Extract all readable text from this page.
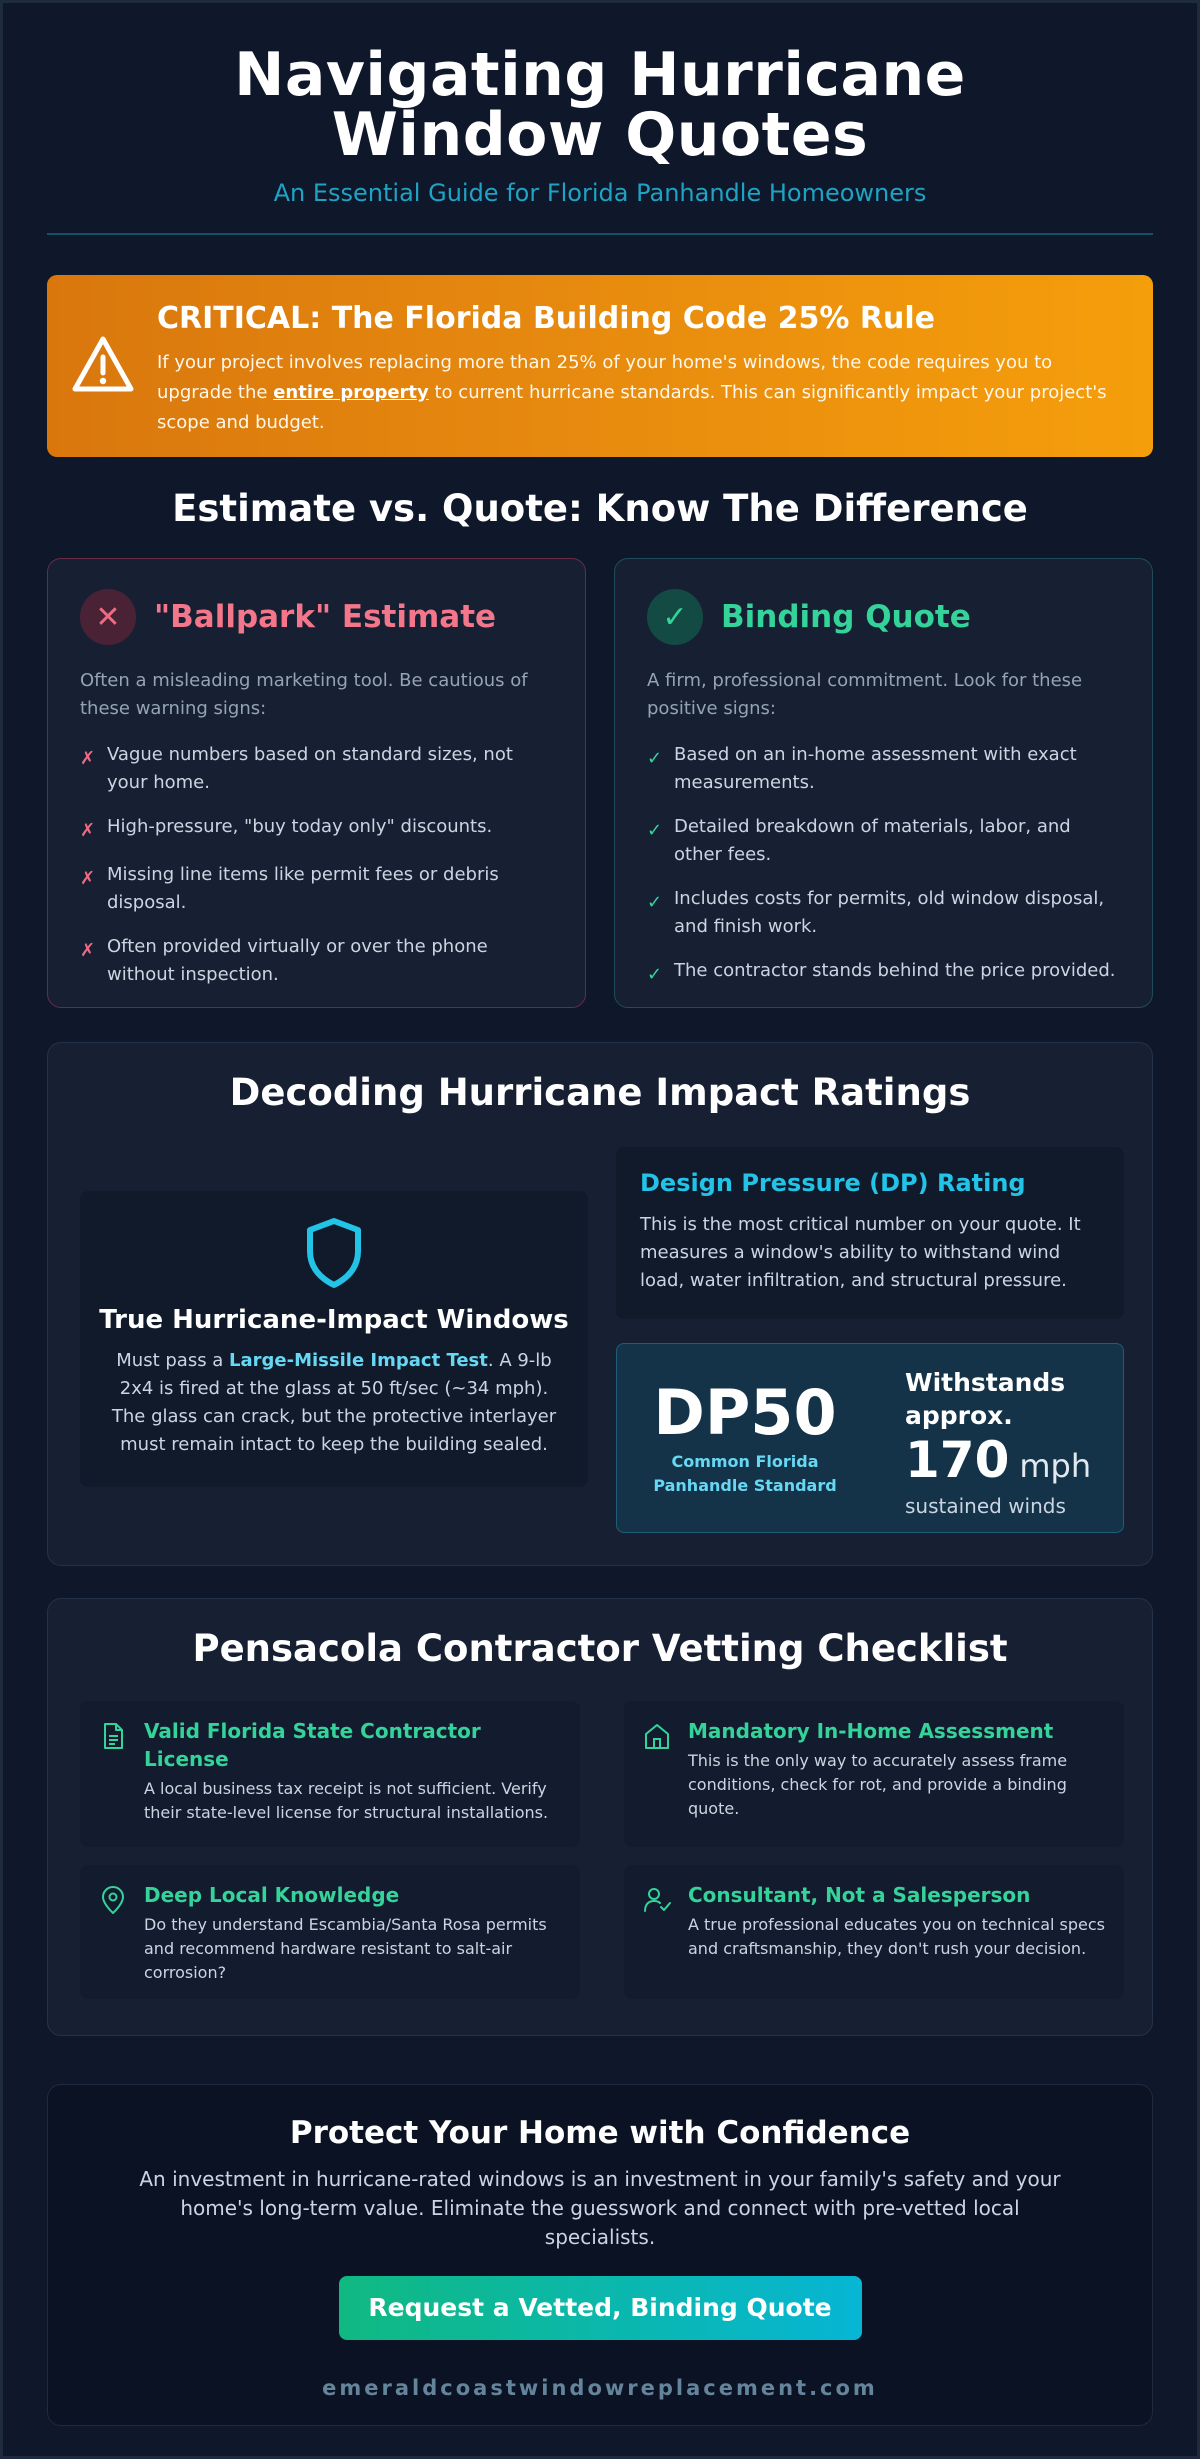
Navigating Hurricane Window Quotes
An Essential Guide for Florida Panhandle Homeowners
CRITICAL: The Florida Building Code 25% Rule

If your project involves replacing more than 25% of your home's windows, the code requires you to upgrade the entire property to current hurricane standards. This can significantly impact your project's scope and budget.

Estimate vs. Quote: Know The Difference
✕	"Ballpark" Estimate

Often a misleading marketing tool. Be cautious of these warning signs:

✗ Vague numbers based on standard sizes, not your home.
✗ High-pressure, "buy today only" discounts.
✗ Missing line items like permit fees or debris disposal.
✗ Often provided virtually or over the phone without inspection.
✓	Binding Quote

A firm, professional commitment. Look for these positive signs:

✓ Based on an in-home assessment with exact measurements.
✓ Detailed breakdown of materials, labor, and other fees.
✓ Includes costs for permits, old window disposal, and finish work.
✓ The contractor stands behind the price provided.
Decoding Hurricane Impact Ratings
True Hurricane-Impact Windows

Must pass a Large-Missile Impact Test. A 9-lb 2x4 is fired at the glass at 50 ft/sec (~34 mph). The glass can crack, but the protective interlayer must remain intact to keep the building sealed.

Design Pressure (DP) Rating

This is the most critical number on your quote. It measures a window's ability to withstand wind load, water infiltration, and structural pressure.

DP50
Common Florida Panhandle Standard
Withstands approx.
170 mph
sustained winds
Pensacola Contractor Vetting Checklist
Valid Florida State Contractor License

A local business tax receipt is not sufficient. Verify their state-level license for structural installations.

Mandatory In-Home Assessment

This is the only way to accurately assess frame conditions, check for rot, and provide a binding quote.

Deep Local Knowledge

Do they understand Escambia/Santa Rosa permits and recommend hardware resistant to salt-air corrosion?

Consultant, Not a Salesperson

A true professional educates you on technical specs and craftsmanship, they don't rush your decision.

Protect Your Home with Confidence

An investment in hurricane-rated windows is an investment in your family's safety and your home's long-term value. Eliminate the guesswork and connect with pre-vetted local specialists.

Request a Vetted, Binding Quote
emeraldcoastwindowreplacement.com
